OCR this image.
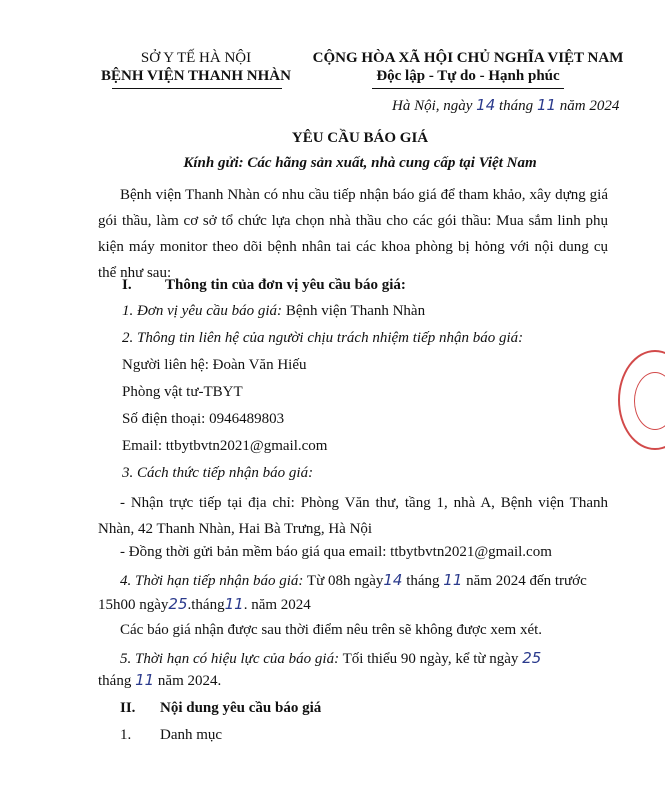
SỞ Y TẾ HÀ NỘI
BỆNH VIỆN THANH NHÀN
CỘNG HÒA XÃ HỘI CHỦ NGHĨA VIỆT NAM
Độc lập - Tự do - Hạnh phúc
Hà Nội, ngày 14 tháng 11 năm 2024
YÊU CẦU BÁO GIÁ
Kính gửi: Các hãng sản xuất, nhà cung cấp tại Việt Nam
Bệnh viện Thanh Nhàn có nhu cầu tiếp nhận báo giá để tham khảo, xây dựng giá gói thầu, làm cơ sở tổ chức lựa chọn nhà thầu cho các gói thầu: Mua sắm linh phụ kiện máy monitor theo dõi bệnh nhân tai các khoa phòng bị hỏng với nội dung cụ thể như sau:
I. Thông tin của đơn vị yêu cầu báo giá:
1. Đơn vị yêu cầu báo giá: Bệnh viện Thanh Nhàn
2. Thông tin liên hệ của người chịu trách nhiệm tiếp nhận báo giá:
Người liên hệ: Đoàn Văn Hiếu
Phòng vật tư-TBYT
Số điện thoại: 0946489803
Email: ttbytbvtn2021@gmail.com
3. Cách thức tiếp nhận báo giá:
- Nhận trực tiếp tại địa chỉ: Phòng Văn thư, tầng 1, nhà A, Bệnh viện Thanh Nhàn, 42 Thanh Nhàn, Hai Bà Trưng, Hà Nội
- Đồng thời gửi bản mềm báo giá qua email: ttbytbvtn2021@gmail.com
4. Thời hạn tiếp nhận báo giá: Từ 08h ngày14 tháng 11 năm 2024 đến trước
15h00 ngày25.tháng11. năm 2024
Các báo giá nhận được sau thời điểm nêu trên sẽ không được xem xét.
5. Thời hạn có hiệu lực của báo giá: Tối thiểu 90 ngày, kể từ ngày 25
tháng 11 năm 2024.
II. Nội dung yêu cầu báo giá
1. Danh mục
